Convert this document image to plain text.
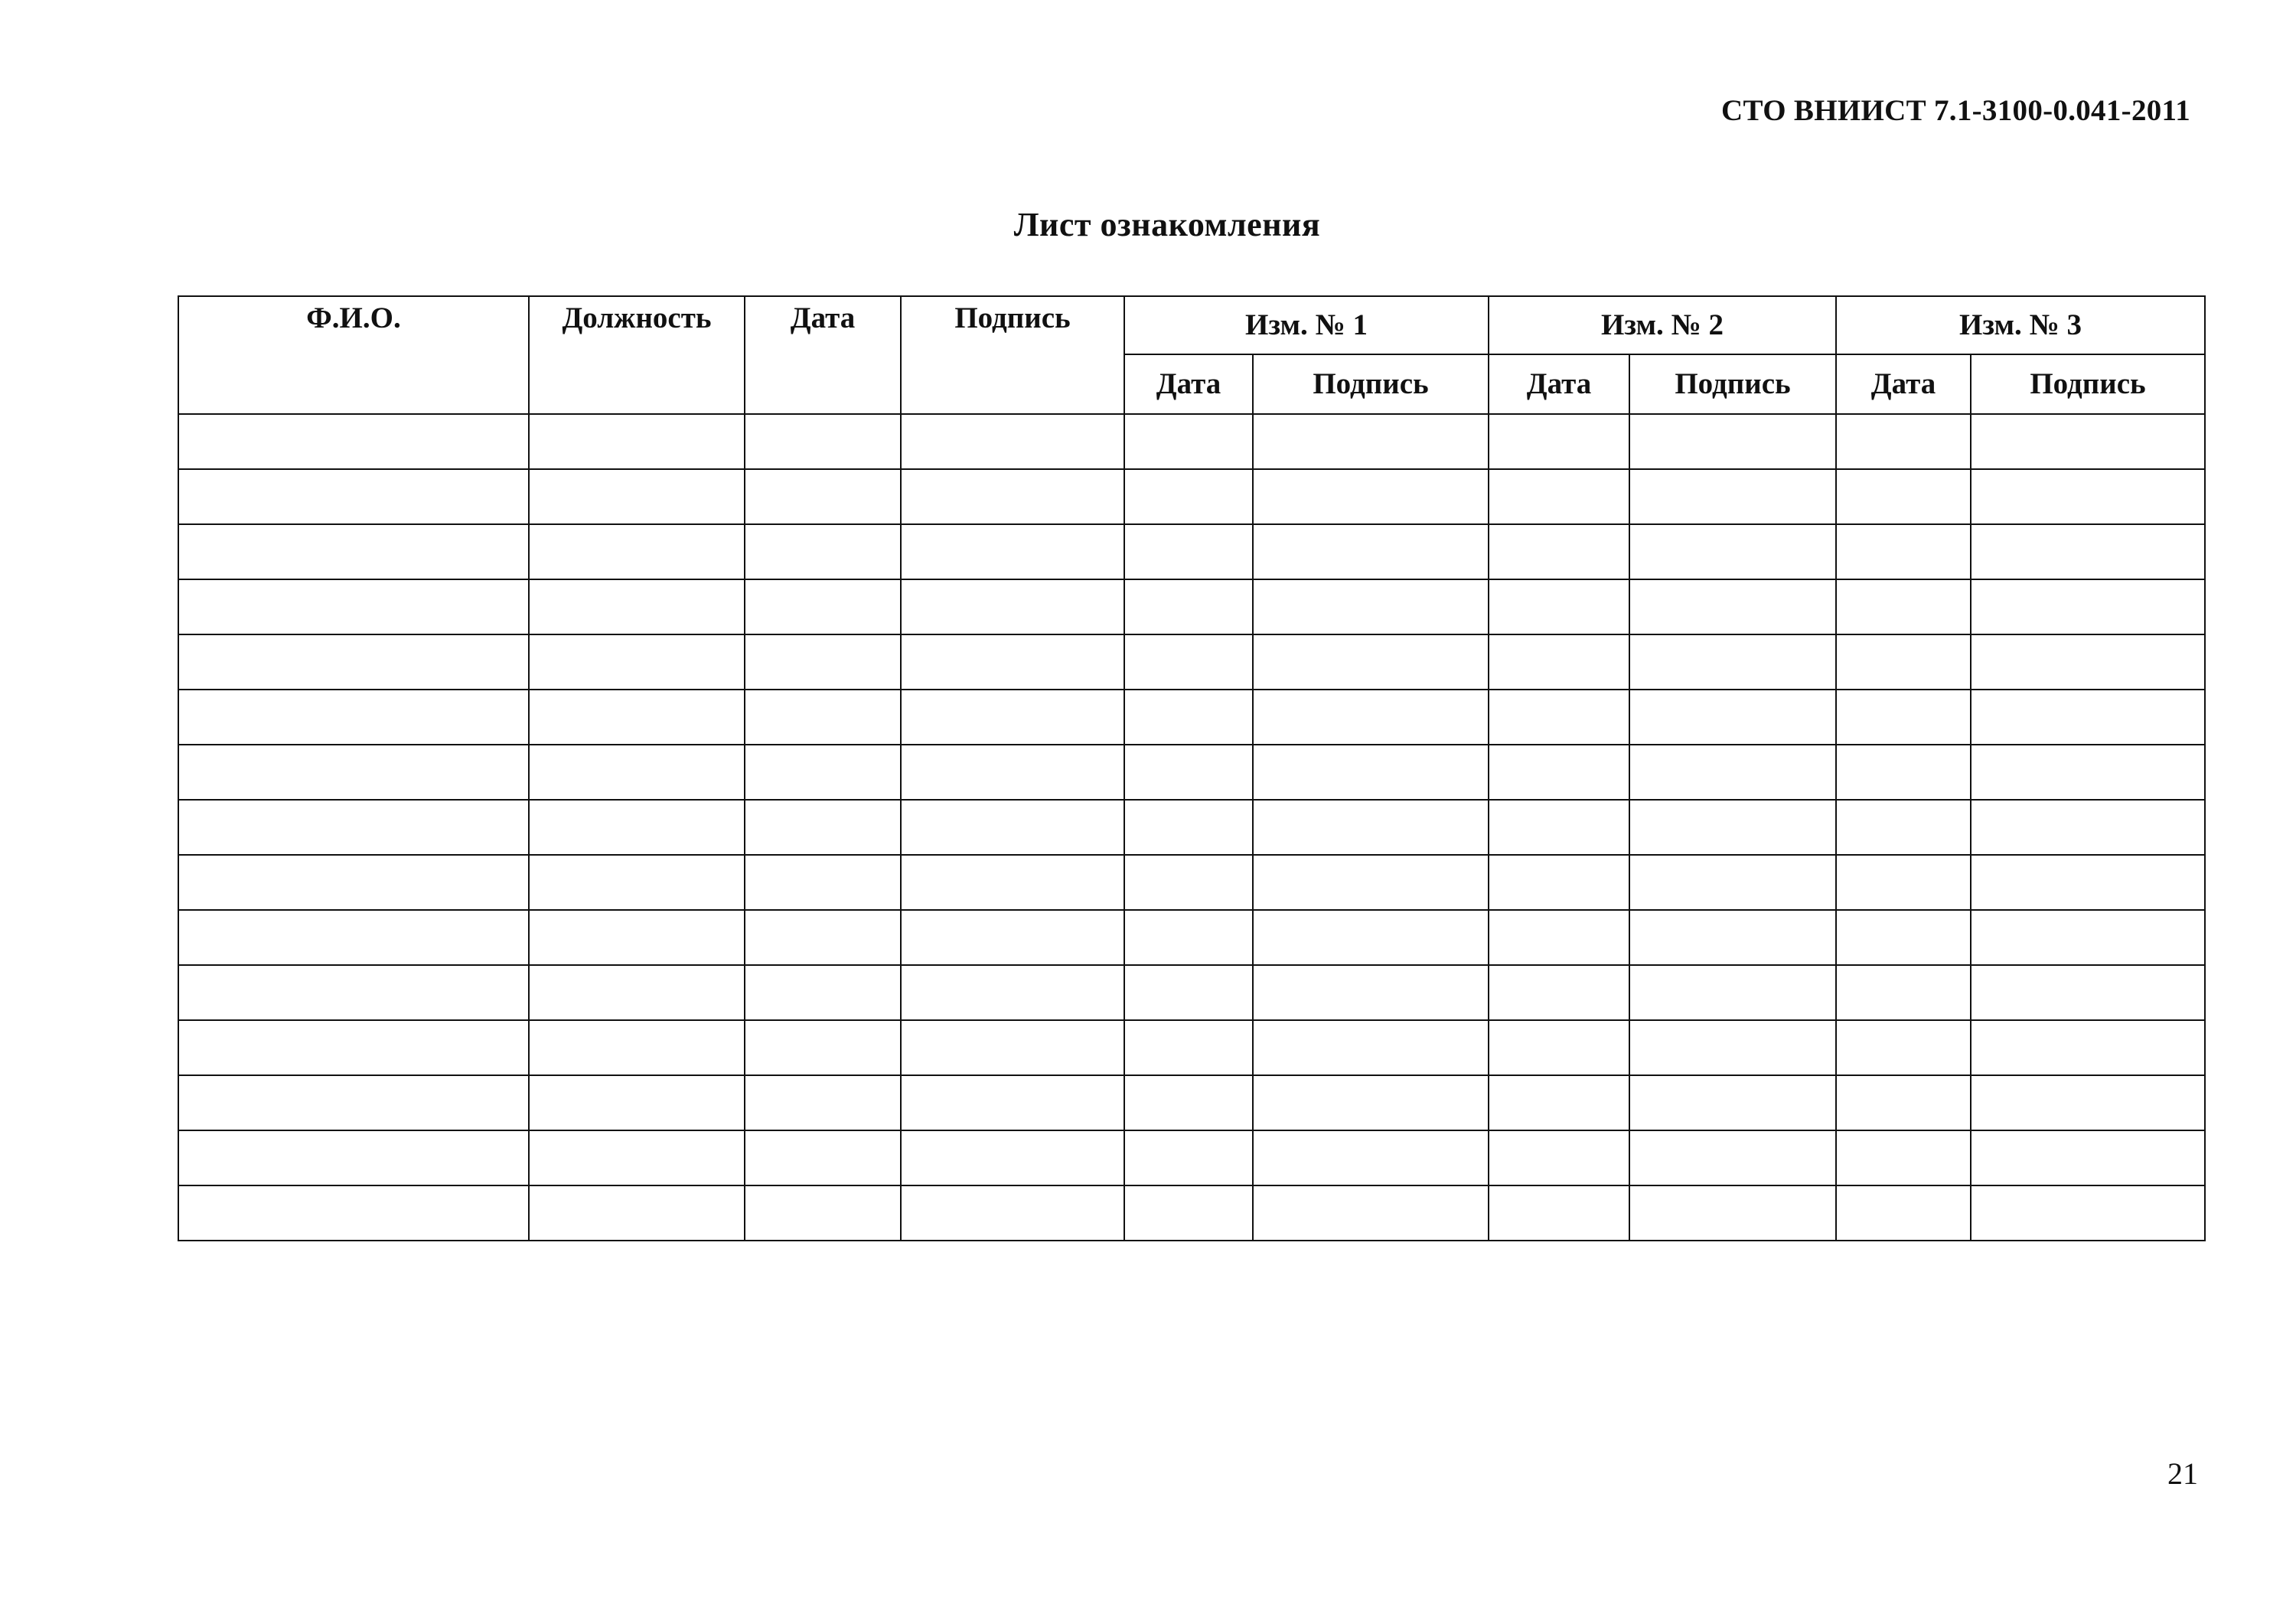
СТО ВНИИСТ 7.1-3100-0.041-2011
Лист ознакомления
Ф.И.О.	Должность	Дата	Подпись	Изм. № 1		Изм. № 2		Изм. № 3	
				Дата	Подпись	Дата	Подпись	Дата	Подпись

21
